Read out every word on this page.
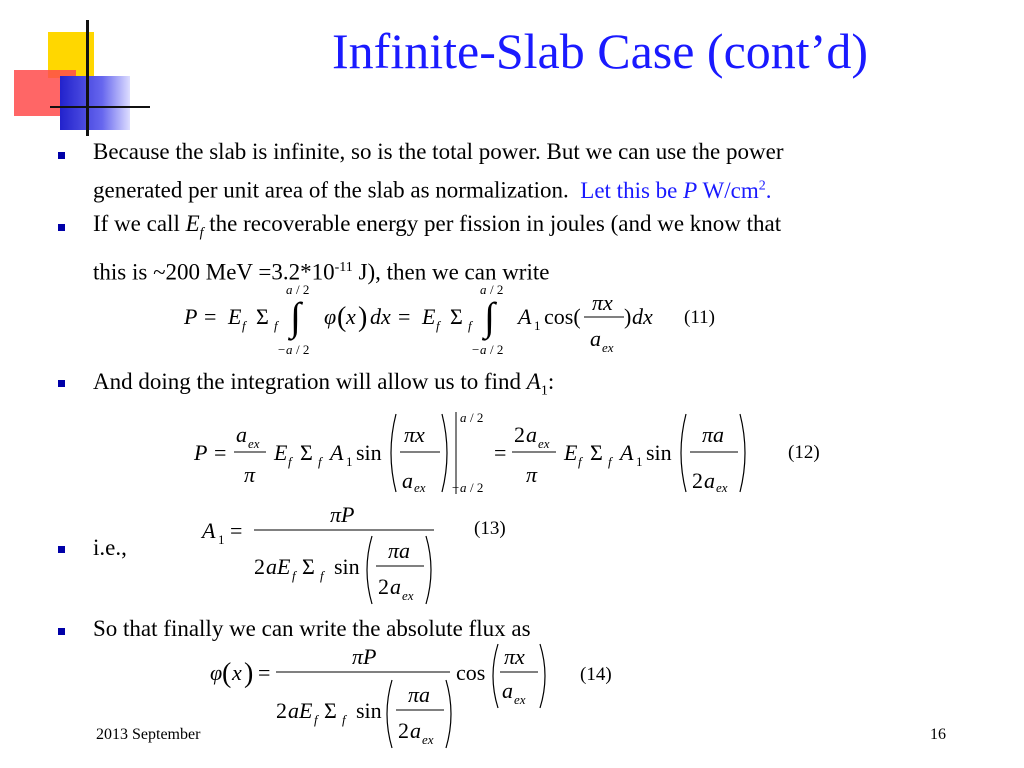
Infinite-Slab Case (cont’d)
Because the slab is infinite, so is the total power. But we can use the power
generated per unit area of the slab as normalization. Let this be P $W/cm^2$.
If we call $E_f$ the recoverable energy per fission in joules (and we know that
this is ~200 MeV $=3.2*10^{-11}$ J), then we can write
P = E f Σ f ∫
a / 2
− a / 2
φ ( x ) dx = E f Σ f ∫
a / 2
− a / 2
A 1 cos(
πx
a ex
) dx (11)
And doing the integration will allow us to find $A_1$:
P =
a ex
π
E f Σ f A 1 sin
πx
a ex
a / 2
− a / 2
=
2 a ex
π
E f Σ f A 1 sin
πa
2 a ex
(12)
i.e.,
A 1 =
πP
2 aE f Σ f sin
πa
2 a ex
(13)
So that finally we can write the absolute flux as
φ ( x ) =
πP
2 aE f Σ f sin
πa
2 a ex
cos
πx
a ex
(14)
2013 September	16
